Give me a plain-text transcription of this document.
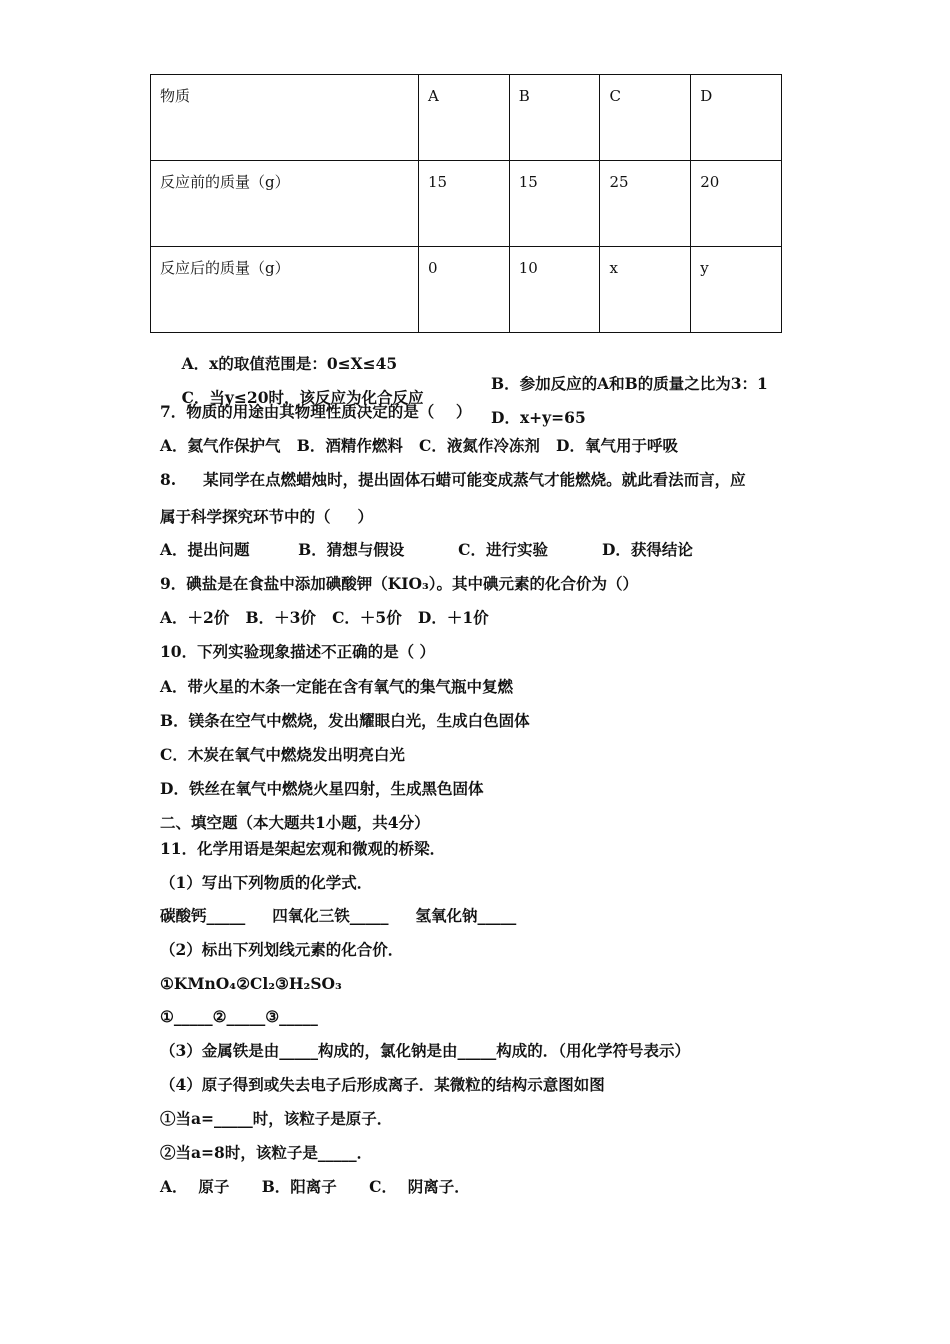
物质	A	B	C	D
反应前的质量（g）	15	15	25	20
反应后的质量（g）	0	10	x	y

A．x的取值范围是：0≤X≤45

B．参加反应的A和B的质量之比为3：1

C．当y≤20时，该反应为化合反应

D．x+y=65

7．物质的用途由其物理性质决定的是（    ）
A．氦气作保护气   B．酒精作燃料   C．液氮作冷冻剂   D．氧气用于呼吸
8.     某同学在点燃蜡烛时，提出固体石蜡可能变成蒸气才能燃烧。就此看法而言，应
属于科学探究环节中的（     ）
A．提出问题         B．猜想与假设          C．进行实验          D．获得结论
9．碘盐是在食盐中添加碘酸钾（KIO₃）。其中碘元素的化合价为（）
A．＋2价   B．＋3价   C．＋5价   D．＋1价
10．下列实验现象描述不正确的是（ ）
A．带火星的木条一定能在含有氧气的集气瓶中复燃
B．镁条在空气中燃烧，发出耀眼白光，生成白色固体
C．木炭在氧气中燃烧发出明亮白光
D．铁丝在氧气中燃烧火星四射，生成黑色固体
二、填空题（本大题共1小题，共4分）
11．化学用语是架起宏观和微观的桥梁．
（1）写出下列物质的化学式．
碳酸钙_____     四氧化三铁_____     氢氧化钠_____
（2）标出下列划线元素的化合价．
①KMnO₄②Cl₂③H₂SO₃
①_____②_____③_____
（3）金属铁是由_____构成的，氯化钠是由_____构成的．（用化学符号表示）
（4）原子得到或失去电子后形成离子．某微粒的结构示意图如图
①当a=_____时，该粒子是原子．
②当a=8时，该粒子是_____．
A．  原子      B．阳离子      C．  阴离子．
